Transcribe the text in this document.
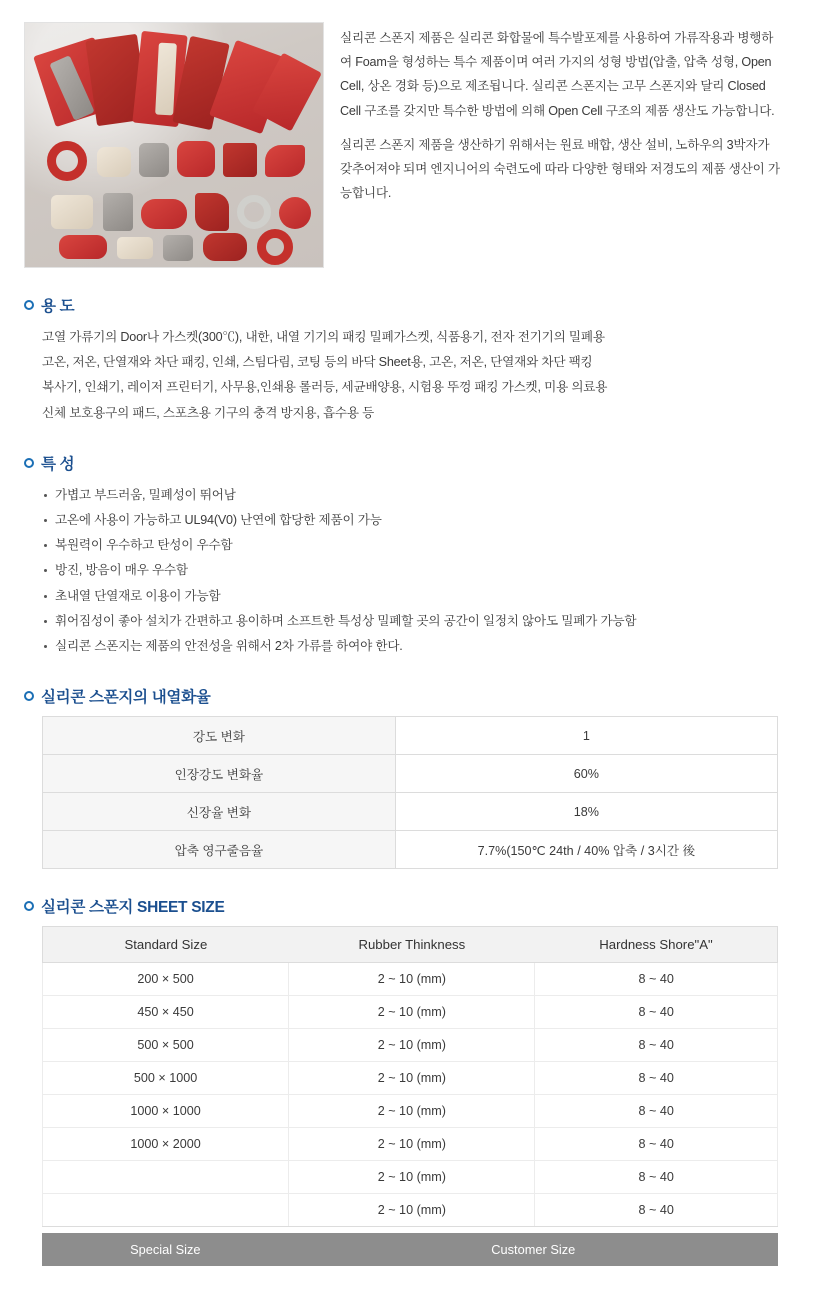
실리콘 스폰지 제품은 실리콘 화합물에 특수발포제를 사용하여 가류작용과 병행하여 Foam을 형성하는 특수 제품이며 여러 가지의 성형 방법(압출, 압축 성형, Open Cell, 상온 경화 등)으로 제조됩니다. 실리콘 스폰지는 고무 스폰지와 달리 Closed Cell 구조를 갖지만 특수한 방법에 의해 Open Cell 구조의 제품 생산도 가능합니다.

실리콘 스폰지 제품을 생산하기 위해서는 원료 배합, 생산 설비, 노하우의 3박자가 갖추어져야 되며 엔지니어의 숙련도에 따라 다양한 형태와 저경도의 제품 생산이 가능합니다.

용 도
고열 가류기의 Door나 가스켓(300℃), 내한, 내열 기기의 패킹 밀폐가스켓, 식품용기, 전자 전기기의 밀폐용
고온, 저온, 단열재와 차단 패킹, 인쇄, 스팀다림, 코팅 등의 바닥 Sheet용, 고온, 저온, 단열재와 차단 팩킹
복사기, 인쇄기, 레이저 프린터기, 사무용,인쇄용 롤러등, 세균배양용, 시험용 뚜껑 패킹 가스켓, 미용 의료용
신체 보호용구의 패드, 스포츠용 기구의 충격 방지용, 흡수용 등
특 성
가볍고 부드러움, 밀폐성이 뛰어남
고온에 사용이 가능하고 UL94(V0) 난연에 합당한 제품이 가능
복원력이 우수하고 탄성이 우수함
방진, 방음이 매우 우수함
초내열 단열재로 이용이 가능함
휘어짐성이 좋아 설치가 간편하고 용이하며 소프트한 특성상 밀폐할 곳의 공간이 일정치 않아도 밀폐가 가능함
실리콘 스폰지는 제품의 안전성을 위해서 2차 가류를 하여야 한다.
실리콘 스폰지의 내열화율
강도 변화	1
인장강도 변화율	60%
신장율 변화	18%
압축 영구줄음율	7.7%(150℃ 24th / 40% 압축 / 3시간 後
실리콘 스폰지 SHEET SIZE
Standard Size	Rubber Thinkness	Hardness Shore"A"
200 × 500	2 ~ 10 (mm)	8 ~ 40
450 × 450	2 ~ 10 (mm)	8 ~ 40
500 × 500	2 ~ 10 (mm)	8 ~ 40
500 × 1000	2 ~ 10 (mm)	8 ~ 40
1000 × 1000	2 ~ 10 (mm)	8 ~ 40
1000 × 2000	2 ~ 10 (mm)	8 ~ 40
	2 ~ 10 (mm)	8 ~ 40
	2 ~ 10 (mm)	8 ~ 40
Special Size	Customer Size
